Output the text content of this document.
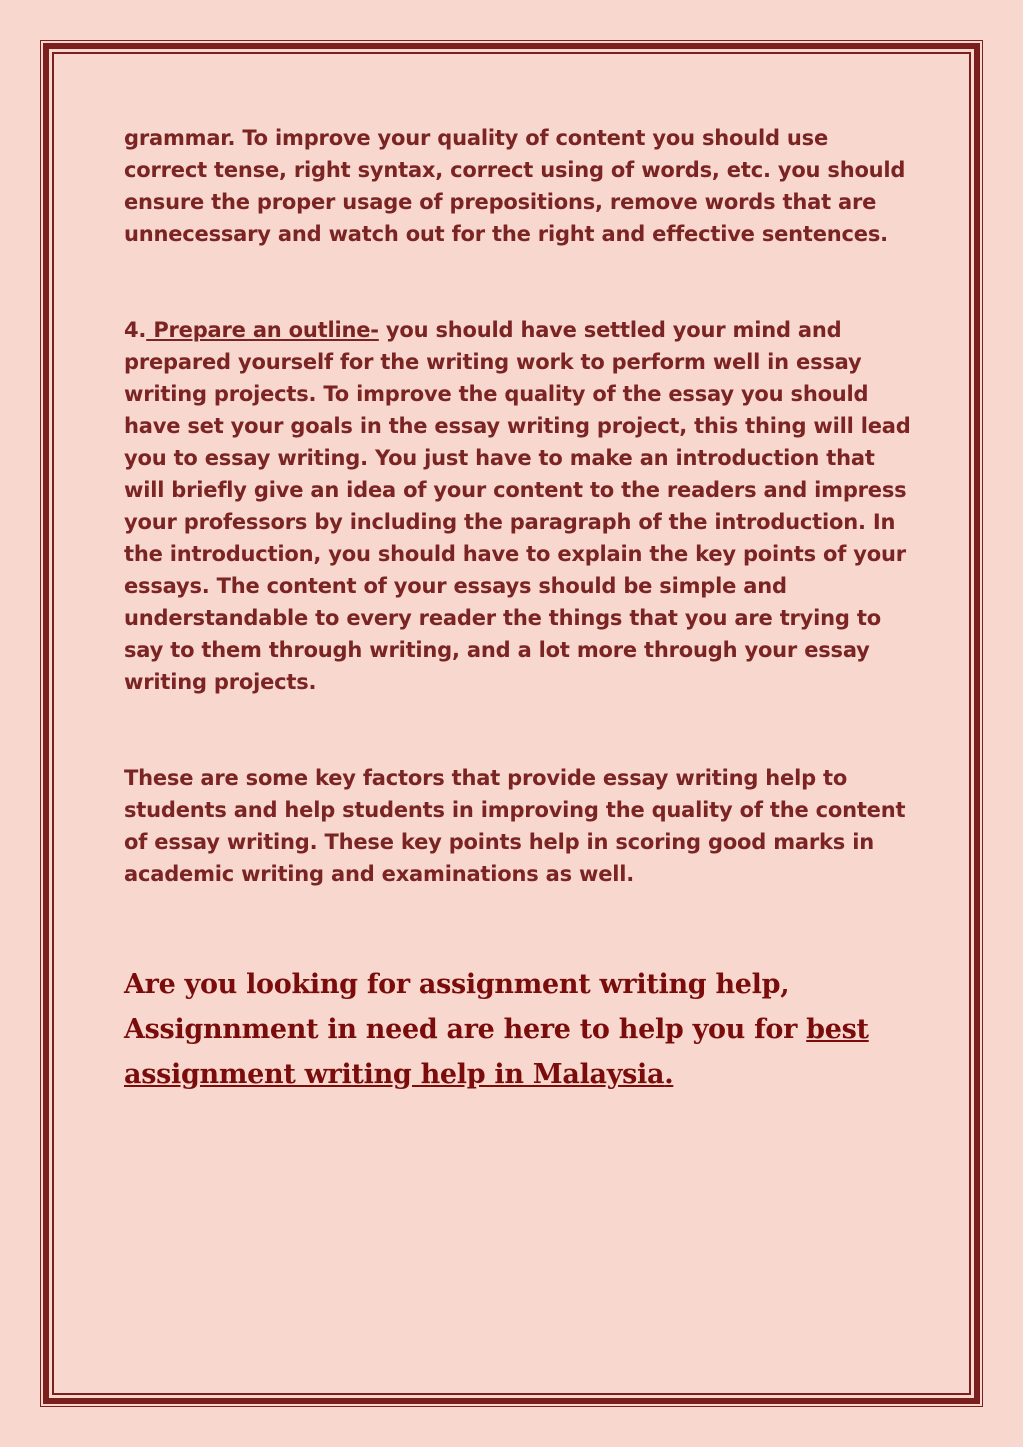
grammar. To improve your quality of content you should use correct tense, right syntax, correct using of words, etc. you should ensure the proper usage of prepositions, remove words that are unnecessary and watch out for the right and effective sentences.

4. Prepare an outline- you should have settled your mind and prepared yourself for the writing work to perform well in essay writing projects. To improve the quality of the essay you should have set your goals in the essay writing project, this thing will lead you to essay writing. You just have to make an introduction that will briefly give an idea of your content to the readers and impress your professors by including the paragraph of the introduction. In the introduction, you should have to explain the key points of your essays. The content of your essays should be simple and understandable to every reader the things that you are trying to say to them through writing, and a lot more through your essay writing projects.

These are some key factors that provide essay writing help to students and help students in improving the quality of the content of essay writing. These key points help in scoring good marks in academic writing and examinations as well.

Are you looking for assignment writing help, Assignnment in need are here to help you for best assignment writing help in Malaysia.
